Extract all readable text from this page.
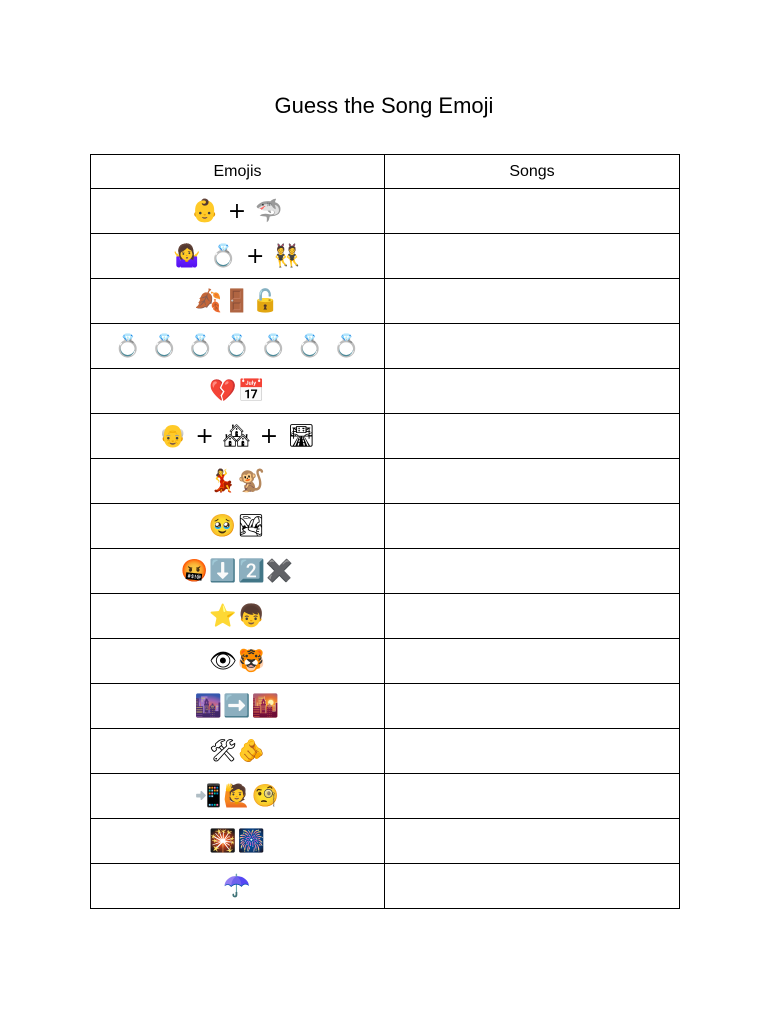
Guess the Song Emoji
Emojis	Songs
👶 + 🦈	
🤷‍♀️ 💍 + 👯	
🍂🚪🔓	
💍 💍 💍 💍 💍 💍 💍	
💔📅	
👴 + 🏘 + 🛣	
💃🐒	
🥹🏞	
🤬⬇️2️⃣✖️	
⭐👦	
👁🐯	
🌆➡️🌇	
🛠🫵	
📲🙋🧐	
🎇🎆	
☂️	
